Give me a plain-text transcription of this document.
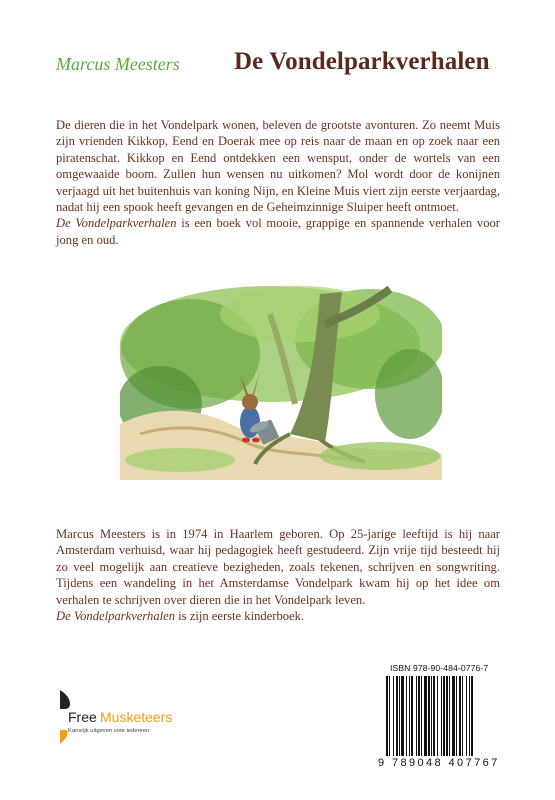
Marcus Meesters De Vondelparkverhalen

De dieren die in het Vondelpark wonen, beleven de grootste avonturen. Zo neemt Muis zijn vrienden Kikkop, Eend en Doerak mee op reis naar de maan en op zoek naar een piratenschat. Kikkop en Eend ontdekken een wensput, onder de wortels van een omgewaaide boom. Zullen hun wensen nu uitkomen? Mol wordt door de konijnen verjaagd uit het buitenhuis van koning Nijn, en Kleine Muis viert zijn eerste verjaardag, nadat hij een spook heeft gevangen en de Geheimzinnige Sluiper heeft ontmoet.

De Vondelparkverhalen is een boek vol mooie, grappige en spannende verhalen voor jong en oud.

Marcus Meesters is in 1974 in Haarlem geboren. Op 25-jarige leeftijd is hij naar Amsterdam verhuisd, waar hij pedagogiek heeft gestudeerd. Zijn vrije tijd besteedt hij zo veel mogelijk aan creatieve bezigheden, zoals tekenen, schrijven en songwriting. Tijdens een wandeling in het Amsterdamse Vondelpark kwam hij op het idee om verhalen te schrijven over dieren die in het Vondelpark leven.

De Vondelparkverhalen is zijn eerste kinderboek.

ISBN 978-90-484-0776-7
9 789048 407767
Free Musketeers
Kansrijk uitgeven voor iedereen
